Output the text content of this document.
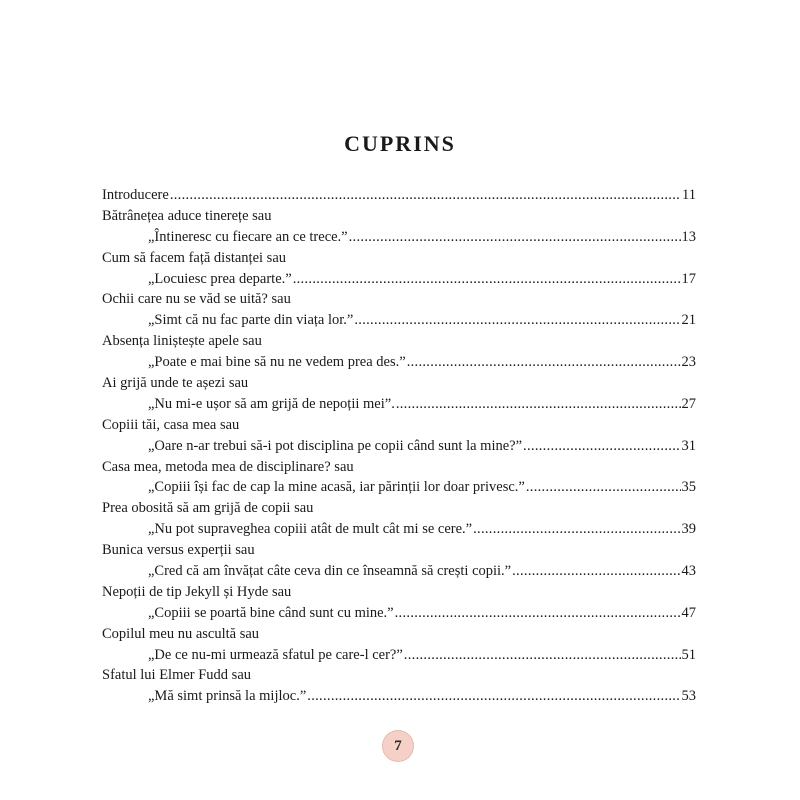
CUPRINS
Introducere .....	11
Bătrânețea aduce tinerețe sau
„Întineresc cu fiecare an ce trece.” .....	13
Cum să facem față distanței sau
„Locuiesc prea departe.” .....	17
Ochii care nu se văd se uită? sau
„Simt că nu fac parte din viața lor.” .....	21
Absența liniștește apele sau
„Poate e mai bine să nu ne vedem prea des.” .....	23
Ai grijă unde te așezi sau
„Nu mi-e ușor să am grijă de nepoții mei”. .....	27
Copiii tăi, casa mea sau
„Oare n-ar trebui să-i pot disciplina pe copii când sunt la mine?” .....	31
Casa mea, metoda mea de disciplinare? sau
„Copiii își fac de cap la mine acasă, iar părinții lor doar privesc.” .....	35
Prea obosită să am grijă de copii sau
„Nu pot supraveghea copiii atât de mult cât mi se cere.” .....	39
Bunica versus experții sau
„Cred că am învățat câte ceva din ce înseamnă să crești copii.” .....	43
Nepoții de tip Jekyll și Hyde sau
„Copiii se poartă bine când sunt cu mine.” .....	47
Copilul meu nu ascultă sau
„De ce nu-mi urmează sfatul pe care-l cer?” .....	51
Sfatul lui Elmer Fudd sau
„Mă simt prinsă la mijloc.” .....	53
7
